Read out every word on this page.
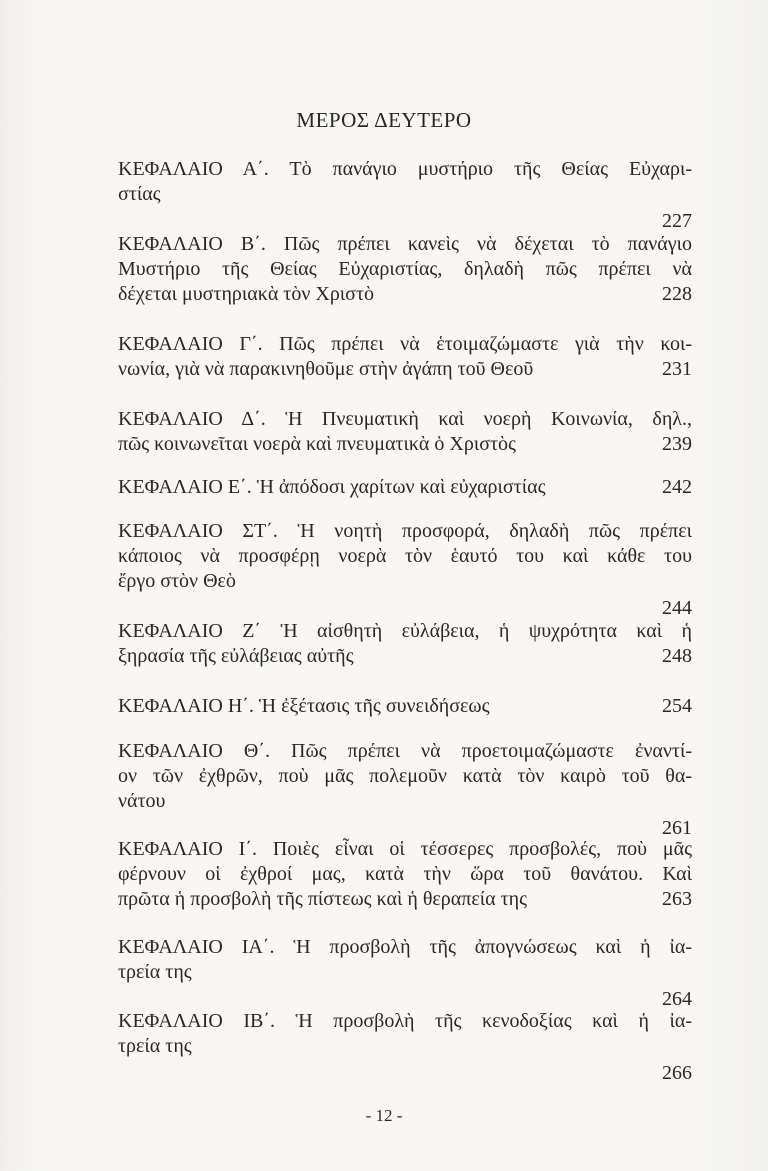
ΜΕΡΟΣ ΔΕΥΤΕΡΟ
ΚΕΦΑΛΑΙΟ Α΄. Τὸ πανάγιο μυστήριο τῆς Θείας Εὐχαρι-
στίας
227
ΚΕΦΑΛΑΙΟ Β΄. Πῶς πρέπει κανεὶς νὰ δέχεται τὸ πανάγιο
Μυστήριο τῆς Θείας Εὐχαριστίας, δηλαδὴ πῶς πρέπει νὰ
δέχεται μυστηριακὰ τὸν Χριστὸ	228
ΚΕΦΑΛΑΙΟ Γ΄. Πῶς πρέπει νὰ ἑτοιμαζώμαστε γιὰ τὴν κοι-
νωνία, γιὰ νὰ παρακινηθοῦμε στὴν ἀγάπη τοῦ Θεοῦ	231
ΚΕΦΑΛΑΙΟ Δ΄. Ἡ Πνευματικὴ καὶ νοερὴ Κοινωνία, δηλ.,
πῶς κοινωνεῖται νοερὰ καὶ πνευματικὰ ὁ Χριστὸς	239
ΚΕΦΑΛΑΙΟ Ε΄. Ἡ ἀπόδοσι χαρίτων καὶ εὐχαριστίας	242
ΚΕΦΑΛΑΙΟ ΣΤ΄. Ἡ νοητὴ προσφορά, δηλαδὴ πῶς πρέπει
κάποιος νὰ προσφέρῃ νοερὰ τὸν ἑαυτό του καὶ κάθε του
ἔργο στὸν Θεὸ
244
ΚΕΦΑΛΑΙΟ Ζ΄ Ἡ αἰσθητὴ εὐλάβεια, ἡ ψυχρότητα καὶ ἡ
ξηρασία τῆς εὐλάβειας αὐτῆς	248
ΚΕΦΑΛΑΙΟ Η΄. Ἡ ἐξέτασις τῆς συνειδήσεως	254
ΚΕΦΑΛΑΙΟ Θ΄. Πῶς πρέπει νὰ προετοιμαζώμαστε ἐναντί-
ον τῶν ἐχθρῶν, ποὺ μᾶς πολεμοῦν κατὰ τὸν καιρὸ τοῦ θα-
νάτου
261
ΚΕΦΑΛΑΙΟ Ι΄. Ποιὲς εἶναι οἱ τέσσερες προσβολές, ποὺ μᾶς
φέρνουν οἱ ἐχθροί μας, κατὰ τὴν ὥρα τοῦ θανάτου. Καὶ
πρῶτα ἡ προσβολὴ τῆς πίστεως καὶ ἡ θεραπεία της	263
ΚΕΦΑΛΑΙΟ ΙΑ΄. Ἡ προσβολὴ τῆς ἀπογνώσεως καὶ ἡ ἰα-
τρεία της
264
ΚΕΦΑΛΑΙΟ ΙΒ΄. Ἡ προσβολὴ τῆς κενοδοξίας καὶ ἡ ἰα-
τρεία της
266
- 12 -
